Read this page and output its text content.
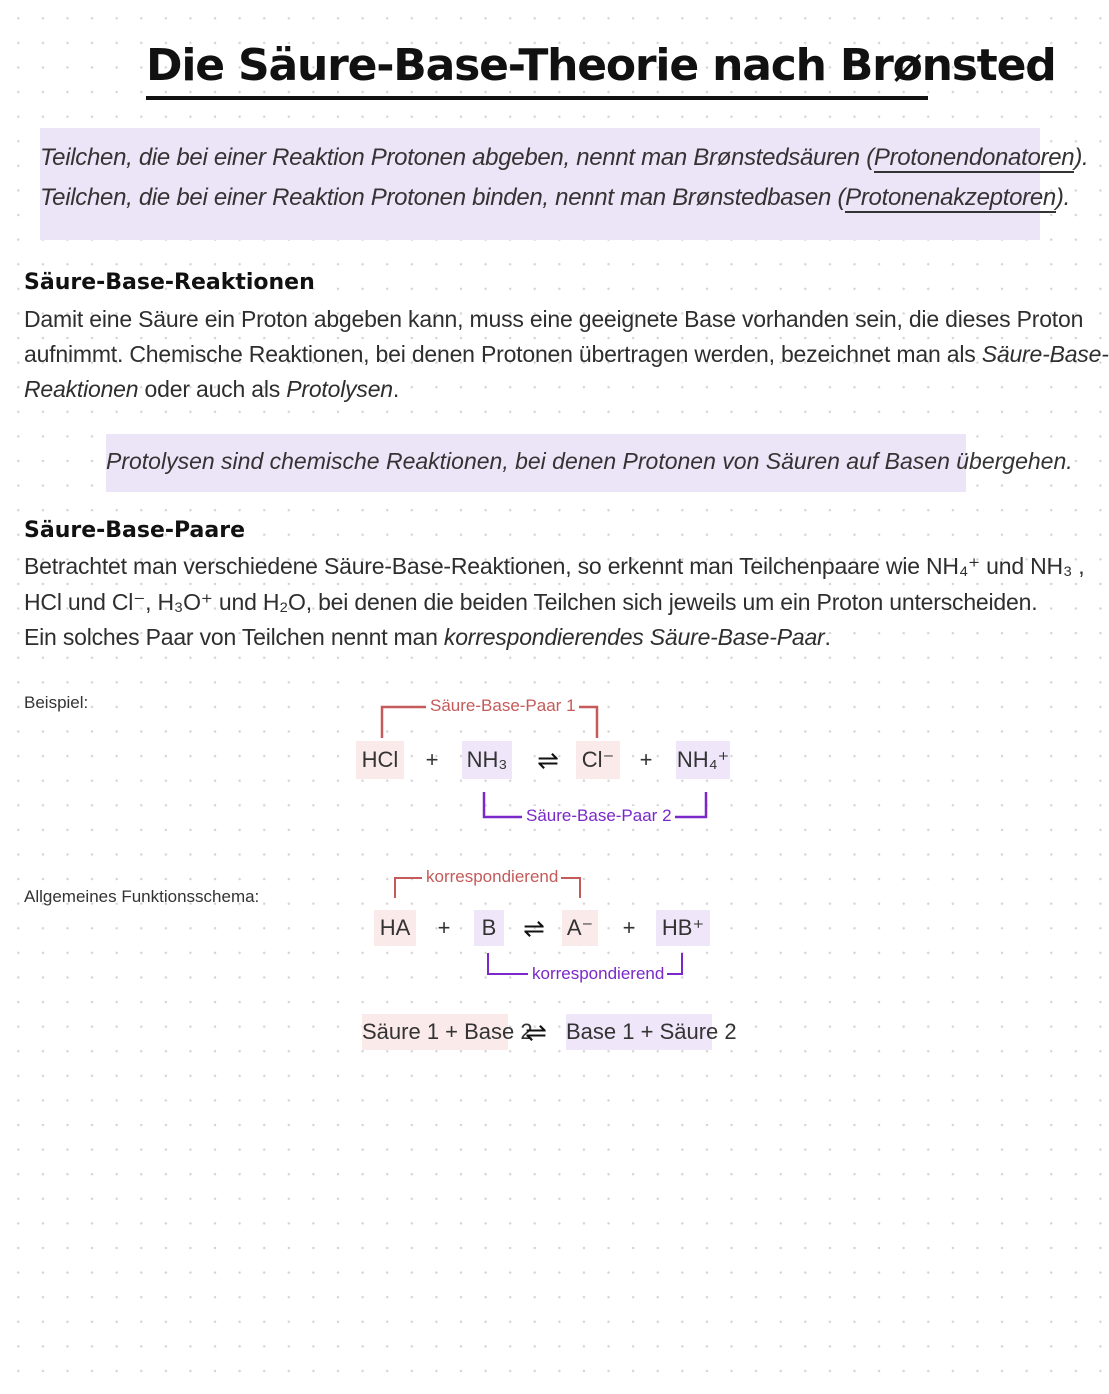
Die Säure-Base-Theorie nach Brønsted
Teilchen, die bei einer Reaktion Protonen abgeben, nennt man Brønstedsäuren (Protonendonatoren).
Teilchen, die bei einer Reaktion Protonen binden, nennt man Brønstedbasen (Protonenakzeptoren).
Säure-Base-Reaktionen
Damit eine Säure ein Proton abgeben kann, muss eine geeignete Base vorhanden sein, die dieses Proton
aufnimmt. Chemische Reaktionen, bei denen Protonen übertragen werden, bezeichnet man als Säure-Base-
Reaktionen oder auch als Protolysen.
Protolysen sind chemische Reaktionen, bei denen Protonen von Säuren auf Basen übergehen.
Säure-Base-Paare
Betrachtet man verschiedene Säure-Base-Reaktionen, so erkennt man Teilchenpaare wie NH₄⁺ und NH₃ ,
HCl und Cl⁻, H₃O⁺ und H₂O, bei denen die beiden Teilchen sich jeweils um ein Proton unterscheiden.
Ein solches Paar von Teilchen nennt man korrespondierendes Säure-Base-Paar.
Beispiel:	Säure-Base-Paar 1
HCl + NH₃	⇌	Cl⁻ + NH₄⁺
Säure-Base-Paar 2
Allgemeines Funktionsschema:
korrespondierend
HA +	B	⇌ A⁻ + HB⁺
korrespondierend
Säure 1 + Base 2
⇌ Base 1 + Säure 2
